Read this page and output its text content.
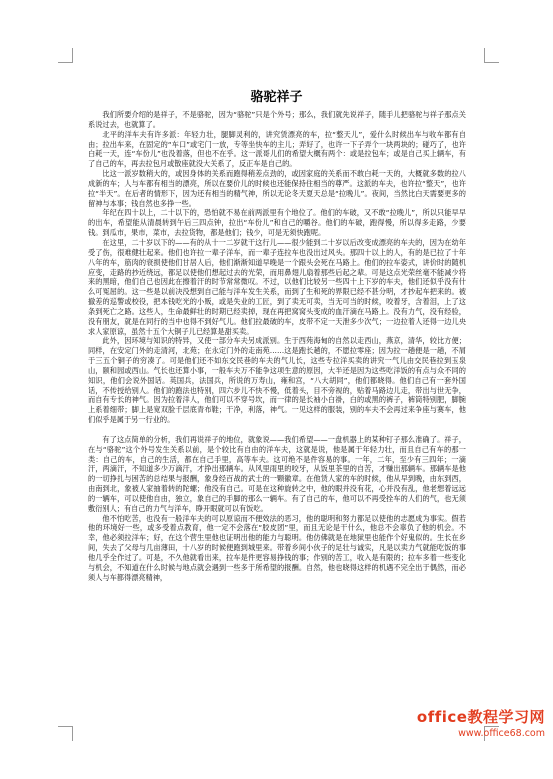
骆驼祥子

我们所要介绍的是祥子，不是骆驼，因为“骆驼”只是个外号；那么，我们就先说祥子，随手儿把骆驼与祥子那点关系说过去，也就算了。

北平的洋车夫有许多派：年轻力壮，腿脚灵利的，讲究赁漂亮的车，拉“整天儿”，爱什么时候出车与收车都有自由；拉出车来，在固定的“车口”或宅门一放，专等坐快车的主儿；弄好了，也许一下子弄个一块两块的；碰巧了，也许白耗一天，连“车份儿”也没着落，但也不在乎。这一派哥儿们的希望大概有两个：或是拉包车；或是自己买上辆车，有了自己的车，再去拉包月或散座就没大关系了，反正车是自己的。

比这一派岁数稍大的，或因身体的关系而跑得稍差点劲的，或因家庭的关系而不敢白耗一天的，大概就多数的拉八成新的车；人与车都有相当的漂亮，所以在要价儿的时候也还能保持住相当的尊严。这派的车夫，也许拉“整天”，也许拉“半天”。在后者的情形下，因为还有相当的精气神，所以无论冬天夏天总是“拉晚儿”。夜间，当然比白天需要更多的留神与本事；钱自然也多挣一些。

年纪在四十以上，二十以下的，恐怕就不易在前两派里有个地位了。他们的车破，又不敢“拉晚儿”，所以只能早早的出车，希望能从清晨转到午后三四点钟，拉出“车份儿”和自己的嚼谷。他们的车破，跑得慢，所以得多走路，少要钱。到瓜市，果市，菜市，去拉货物，都是他们；钱少，可是无须快跑呢。

在这里，二十岁以下的——有的从十一二岁就干这行儿——很少能到二十岁以后改变成漂亮的车夫的，因为在幼年受了伤，很难健壮起来。他们也许拉一辈子洋车，而一辈子连拉车也没出过风头。那四十以上的人，有的是已拉了十年八年的车，筋肉的衰损使他们甘居人后，他们渐渐知道早晚是一个跟头会死在马路上。他们的拉车姿式，讲价时的随机应变，走路的抄近绕远，都足以使他们想起过去的光荣，而用鼻翅儿扇着那些后起之辈。可是这点光荣丝毫不能减少将来的黑暗，他们自己也因此在擦着汗的时节常常微叹。不过，以他们比较另一些四十上下岁的车夫，他们还似乎没有什么可冤屈的。这一些是以前决没想到自己能与洋车发生关系，而到了生和死的界限已经不甚分明，才抄起车把来的。被撤差的巡警或校役，把本钱吃光的小贩，或是失业的工匠，到了卖无可卖，当无可当的时候，咬着牙，含着泪，上了这条到死亡之路。这些人，生命最鲜壮的时期已经卖掉，现在再把窝窝头变成的血汗滴在马路上。没有力气，没有经验，没有朋友，就是在同行的当中也得不到好气儿。他们拉最破的车，皮带不定一天泄多少次气；一边拉着人还得一边儿央求人家原谅，虽然十五个大铜子儿已经算是甜买卖。

此外，因环境与知识的特异，又使一部分车夫另成派别。生于西苑海甸的自然以走西山，燕京，清华，较比方便；同样，在安定门外的走清河，北苑；在永定门外的走南苑……这是跑长趟的，不愿拉零座；因为拉一趟便是一趟，不屑于三五个铜子的穷凑了。可是他们还不如东交民巷的车夫的气儿长，这些专拉洋买卖的讲究一气儿由交民巷拉到玉泉山，颐和园或西山。气长也还算小事，一般车夫万不能争这项生意的原因，大半还是因为这些吃洋饭的有点与众不同的知识，他们会说外国话。英国兵，法国兵，所说的万寿山，雍和宫，“八大胡同”，他们都晓得。他们自己有一套外国话，不传授给别人。他们的跑法也特别，四六步儿不快不慢，低着头，目不旁视的，贴着马路边儿走，带出与世无争，而自有专长的神气。因为拉着洋人，他们可以不穿号坎，而一律的是长袖小白褂，白的或黑的裤子，裤筒特别肥，脚腕上系着细带；脚上是宽双脸千层底青布鞋；干净，利落，神气。一见这样的服装，别的车夫不会再过来争座与赛车，他们似乎是属于另一行业的。

有了这点简单的分析，我们再说祥子的地位，就象说——我们希望——一盘机器上的某种钉子那么准确了。祥子，在与“骆驼”这个外号发生关系以前，是个较比有自由的洋车夫，这就是说，他是属于年轻力壮，而且自己有车的那一类：自己的车，自己的生活，都在自己手里，高等车夫。这可绝不是件容易的事。一年，二年，至少有三四年；一滴汗，两滴汗，不知道多少万滴汗，才挣出那辆车。从风里雨里的咬牙，从饭里茶里的自苦，才赚出那辆车。那辆车是他的一切挣扎与困苦的总结果与报酬，象身经百战的武士的一颗徽章。在他赁人家的车的时候，他从早到晚，由东到西，由南到北，象被人家抽着转的陀螺；他没有自己。可是在这种旋转之中，他的眼并没有花，心并没有乱，他老想着远远的一辆车，可以使他自由，独立，象自己的手脚的那么一辆车。有了自己的车，他可以不再受拴车的人们的气，也无须敷衍别人；有自己的力气与洋车，睁开眼就可以有饭吃。

他不怕吃苦，也没有一般洋车夫的可以原谅而不便效法的恶习，他的聪明和努力都足以使他的志愿成为事实。假若他的环境好一些，或多受着点教育，他一定不会落在“胶皮团”里，而且无论是干什么，他总不会辜负了他的机会。不幸，他必须拉洋车；好，在这个营生里他也证明出他的能力与聪明。他仿佛就是在地狱里也能作个好鬼似的。生长在乡间，失去了父母与几亩薄田，十八岁的时候便跑到城里来。带着乡间小伙子的足壮与诚实，凡是以卖力气就能吃饭的事他几乎全作过了。可是，不久他就看出来，拉车是件更容易挣钱的事；作别的苦工，收入是有限的；拉车多着一些变化与机会，不知道在什么时候与地点就会遇到一些多于所希望的报酬。自然，他也晓得这样的机遇不完全出于偶然，而必须人与车都得漂亮精神，

office教程学习网
www.office68.com
